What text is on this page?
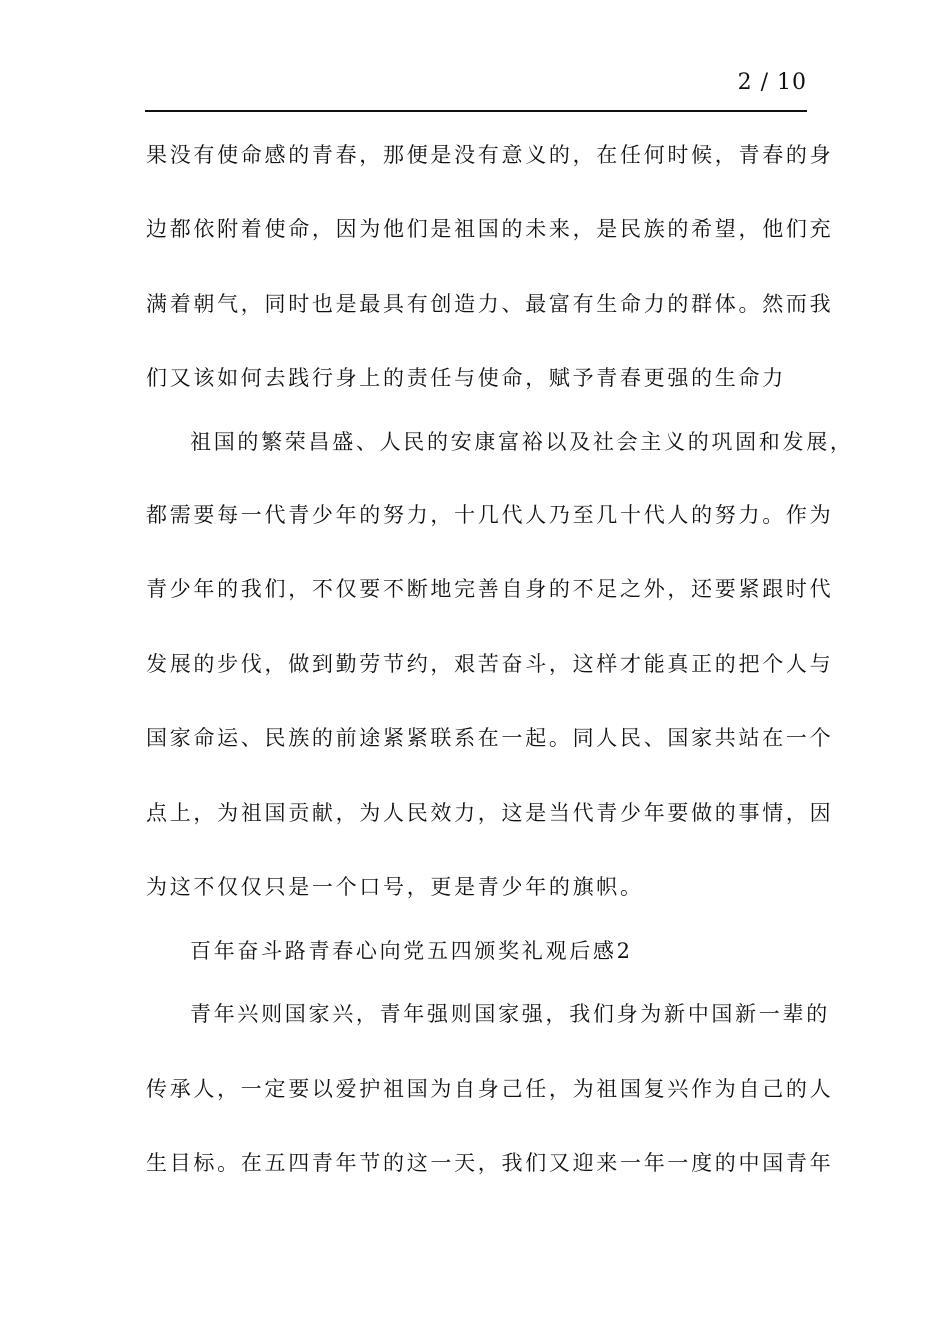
2 / 10
果没有使命感的青春，那便是没有意义的，在任何时候，青春的身
边都依附着使命，因为他们是祖国的未来，是民族的希望，他们充
满着朝气，同时也是最具有创造力、最富有生命力的群体。然而我
们又该如何去践行身上的责任与使命，赋予青春更强的生命力
祖国的繁荣昌盛、人民的安康富裕以及社会主义的巩固和发展，
都需要每一代青少年的努力，十几代人乃至几十代人的努力。作为
青少年的我们，不仅要不断地完善自身的不足之外，还要紧跟时代
发展的步伐，做到勤劳节约，艰苦奋斗，这样才能真正的把个人与
国家命运、民族的前途紧紧联系在一起。同人民、国家共站在一个
点上，为祖国贡献，为人民效力，这是当代青少年要做的事情，因
为这不仅仅只是一个口号，更是青少年的旗帜。
百年奋斗路青春心向党五四颁奖礼观后感2
青年兴则国家兴，青年强则国家强，我们身为新中国新一辈的
传承人，一定要以爱护祖国为自身己任，为祖国复兴作为自己的人
生目标。在五四青年节的这一天，我们又迎来一年一度的中国青年
